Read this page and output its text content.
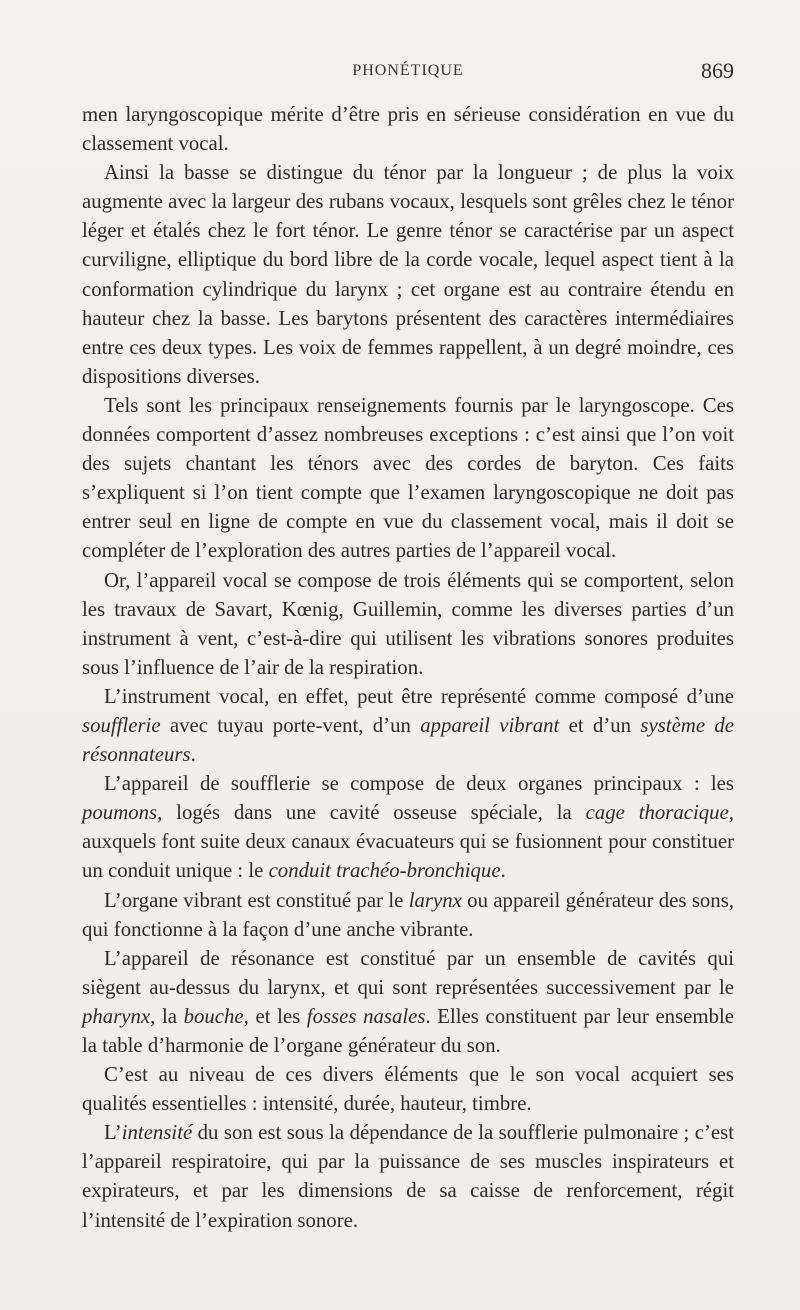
PHONÉTIQUE	869

men laryngoscopique mérite d’être pris en sérieuse considération en vue du classement vocal.

Ainsi la basse se distingue du ténor par la longueur ; de plus la voix augmente avec la largeur des rubans vocaux, lesquels sont grêles chez le ténor léger et étalés chez le fort ténor. Le genre ténor se caractérise par un aspect curviligne, elliptique du bord libre de la corde vocale, lequel aspect tient à la conformation cylindrique du larynx ; cet organe est au contraire étendu en hauteur chez la basse. Les barytons présentent des caractères intermédiaires entre ces deux types. Les voix de femmes rappellent, à un degré moindre, ces dispositions diverses.

Tels sont les principaux renseignements fournis par le laryngoscope. Ces données comportent d’assez nombreuses exceptions : c’est ainsi que l’on voit des sujets chantant les ténors avec des cordes de baryton. Ces faits s’expliquent si l’on tient compte que l’examen laryngoscopique ne doit pas entrer seul en ligne de compte en vue du classement vocal, mais il doit se compléter de l’exploration des autres parties de l’appareil vocal.

Or, l’appareil vocal se compose de trois éléments qui se comportent, selon les travaux de Savart, Kœnig, Guillemin, comme les diverses parties d’un instrument à vent, c’est-à-dire qui utilisent les vibrations sonores produites sous l’influence de l’air de la respiration.

L’instrument vocal, en effet, peut être représenté comme composé d’une soufflerie avec tuyau porte-vent, d’un appareil vibrant et d’un système de résonnateurs.

L’appareil de soufflerie se compose de deux organes principaux : les poumons, logés dans une cavité osseuse spéciale, la cage thoracique, auxquels font suite deux canaux évacuateurs qui se fusionnent pour constituer un conduit unique : le conduit trachéo-bronchique.

L’organe vibrant est constitué par le larynx ou appareil générateur des sons, qui fonctionne à la façon d’une anche vibrante.

L’appareil de résonance est constitué par un ensemble de cavités qui siègent au-dessus du larynx, et qui sont représentées successivement par le pharynx, la bouche, et les fosses nasales. Elles constituent par leur ensemble la table d’harmonie de l’organe générateur du son.

C’est au niveau de ces divers éléments que le son vocal acquiert ses qualités essentielles : intensité, durée, hauteur, timbre.

L’intensité du son est sous la dépendance de la soufflerie pulmonaire ; c’est l’appareil respiratoire, qui par la puissance de ses muscles inspirateurs et expirateurs, et par les dimensions de sa caisse de renforcement, régit l’intensité de l’expiration sonore.
